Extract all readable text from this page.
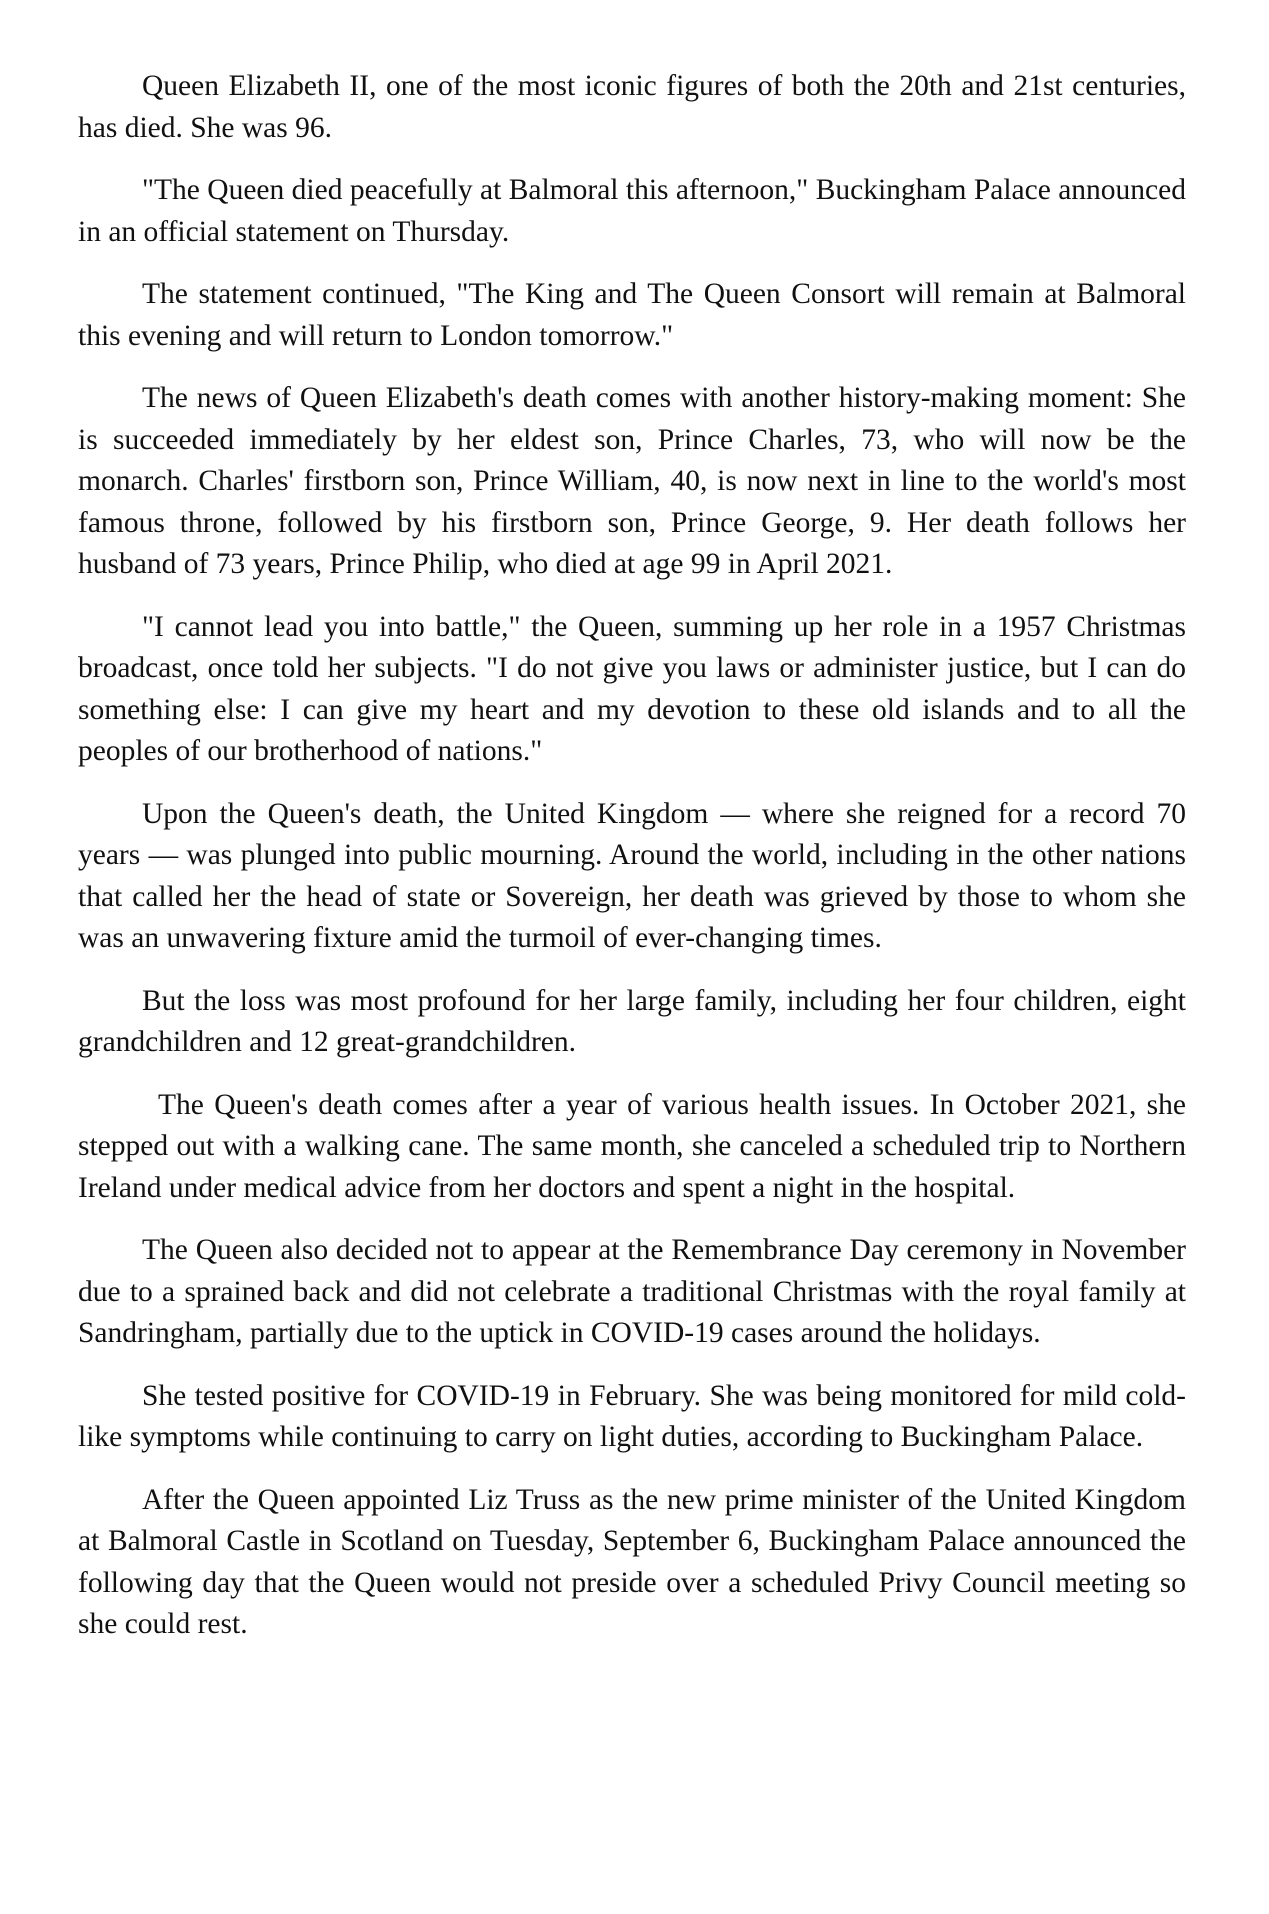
Queen Elizabeth II, one of the most iconic figures of both the 20th and 21st centuries, has died. She was 96.

"The Queen died peacefully at Balmoral this afternoon," Buckingham Palace announced in an official statement on Thursday.

The statement continued, "The King and The Queen Consort will remain at Balmoral this evening and will return to London tomorrow."

The news of Queen Elizabeth's death comes with another history-making moment: She is succeeded immediately by her eldest son, Prince Charles, 73, who will now be the monarch. Charles' firstborn son, Prince William, 40, is now next in line to the world's most famous throne, followed by his firstborn son, Prince George, 9. Her death follows her husband of 73 years, Prince Philip, who died at age 99 in April 2021.

"I cannot lead you into battle," the Queen, summing up her role in a 1957 Christmas broadcast, once told her subjects. "I do not give you laws or administer justice, but I can do something else: I can give my heart and my devotion to these old islands and to all the peoples of our brotherhood of nations."

Upon the Queen's death, the United Kingdom — where she reigned for a record 70 years — was plunged into public mourning. Around the world, including in the other nations that called her the head of state or Sovereign, her death was grieved by those to whom she was an unwavering fixture amid the turmoil of ever-changing times.

But the loss was most profound for her large family, including her four children, eight grandchildren and 12 great-grandchildren.

The Queen's death comes after a year of various health issues. In October 2021, she stepped out with a walking cane. The same month, she canceled a scheduled trip to Northern Ireland under medical advice from her doctors and spent a night in the hospital.

The Queen also decided not to appear at the Remembrance Day ceremony in November due to a sprained back and did not celebrate a traditional Christmas with the royal family at Sandringham, partially due to the uptick in COVID-19 cases around the holidays.

She tested positive for COVID-19 in February. She was being monitored for mild cold-like symptoms while continuing to carry on light duties, according to Buckingham Palace.

After the Queen appointed Liz Truss as the new prime minister of the United Kingdom at Balmoral Castle in Scotland on Tuesday, September 6, Buckingham Palace announced the following day that the Queen would not preside over a scheduled Privy Council meeting so she could rest.
